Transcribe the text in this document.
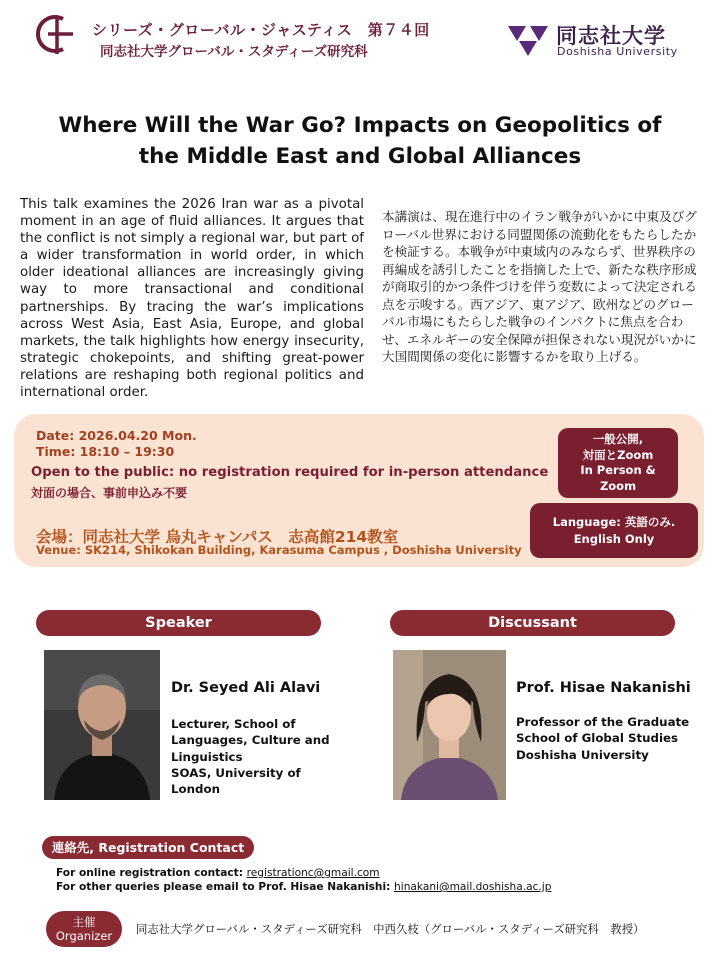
シリーズ・グローバル・ジャスティス　第７４回
同志社大学グローバル・スタディーズ研究科
同志社大学
Doshisha University
Where Will the War Go? Impacts on Geopolitics of
the Middle East and Global Alliances
This talk examines the 2026 Iran war as a pivotal moment in an age of fluid alliances. It argues that the conflict is not simply a regional war, but part of a wider transformation in world order, in which older ideational alliances are increasingly giving way to more transactional and conditional partnerships. By tracing the war’s implications across West Asia, East Asia, Europe, and global markets, the talk highlights how energy insecurity, strategic chokepoints, and shifting great-power relations are reshaping both regional politics and international order.
本講演は、現在進行中のイラン戦争がいかに中東及びグローバル世界における同盟関係の流動化をもたらしたかを検証する。本戦争が中東域内のみならず、世界秩序の再編成を誘引したことを指摘した上で、新たな秩序形成が商取引的かつ条件づけを伴う変数によって決定される点を示唆する。西アジア、東アジア、欧州などのグローバル市場にもたらした戦争のインパクトに焦点を合わせ、エネルギーの安全保障が担保されない現況がいかに大国間関係の変化に影響するかを取り上げる。
Date: 2026.04.20 Mon.
Time: 18:10 – 19:30
Open to the public: no registration required for in-person attendance
対面の場合、事前申込み不要
会場：同志社大学 烏丸キャンパス　志高館214教室
Venue: SK214, Shikokan Building, Karasuma Campus , Doshisha University
一般公開,
対面とZoom
In Person &
Zoom
Language: 英語のみ.
English Only
Speaker
Dr. Seyed Ali Alavi
Lecturer, School of
Languages, Culture and
Linguistics
SOAS, University of
London
Discussant
Prof. Hisae Nakanishi
Professor of the Graduate
School of Global Studies
Doshisha University
連絡先, Registration Contact
For online registration contact: registrationc@gmail.com
For other queries please email to Prof. Hisae Nakanishi: hinakani@mail.doshisha.ac.jp
主催
Organizer	同志社大学グローバル・スタディーズ研究科　中西久枝（グローバル・スタディーズ研究科　教授）
